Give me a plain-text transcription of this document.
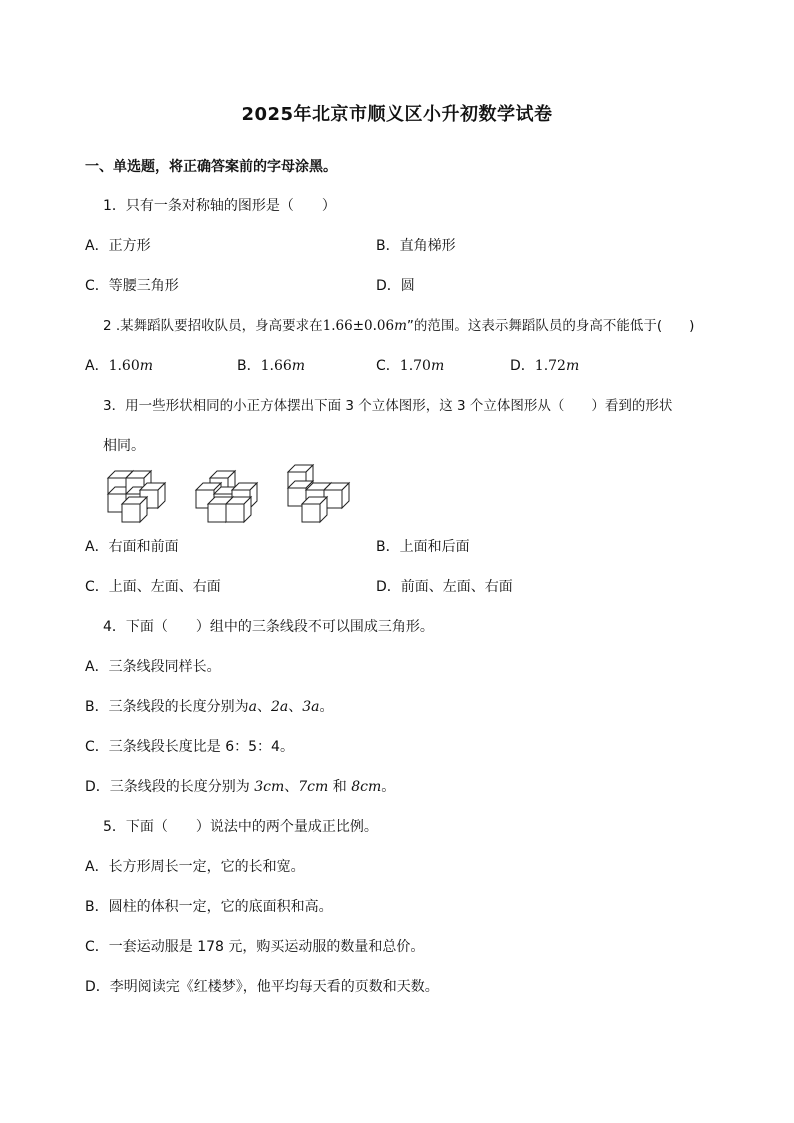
2025年北京市顺义区小升初数学试卷
一、单选题，将正确答案前的字母涂黑。
1．只有一条对称轴的图形是（　　）
A．正方形	B．直角梯形
C．等腰三角形	D．圆
2 .某舞蹈队要招收队员，身高要求在1.66±0.06m”的范围。这表示舞蹈队员的身高不能低于(　　)
A．1.60m	B．1.66m	C．1.70m	D．1.72m
3．用一些形状相同的小正方体摆出下面 3 个立体图形，这 3 个立体图形从（　　）看到的形状
相同。
A．右面和前面	B．上面和后面
C．上面、左面、右面	D．前面、左面、右面
4．下面（　　）组中的三条线段不可以围成三角形。
A．三条线段同样长。
B．三条线段的长度分别为a、2a、3a。
C．三条线段长度比是 6：5：4。
D．三条线段的长度分别为 3cm、7cm 和 8cm。
5．下面（　　）说法中的两个量成正比例。
A．长方形周长一定，它的长和宽。
B．圆柱的体积一定，它的底面积和高。
C．一套运动服是 178 元，购买运动服的数量和总价。
D．李明阅读完《红楼梦》，他平均每天看的页数和天数。
